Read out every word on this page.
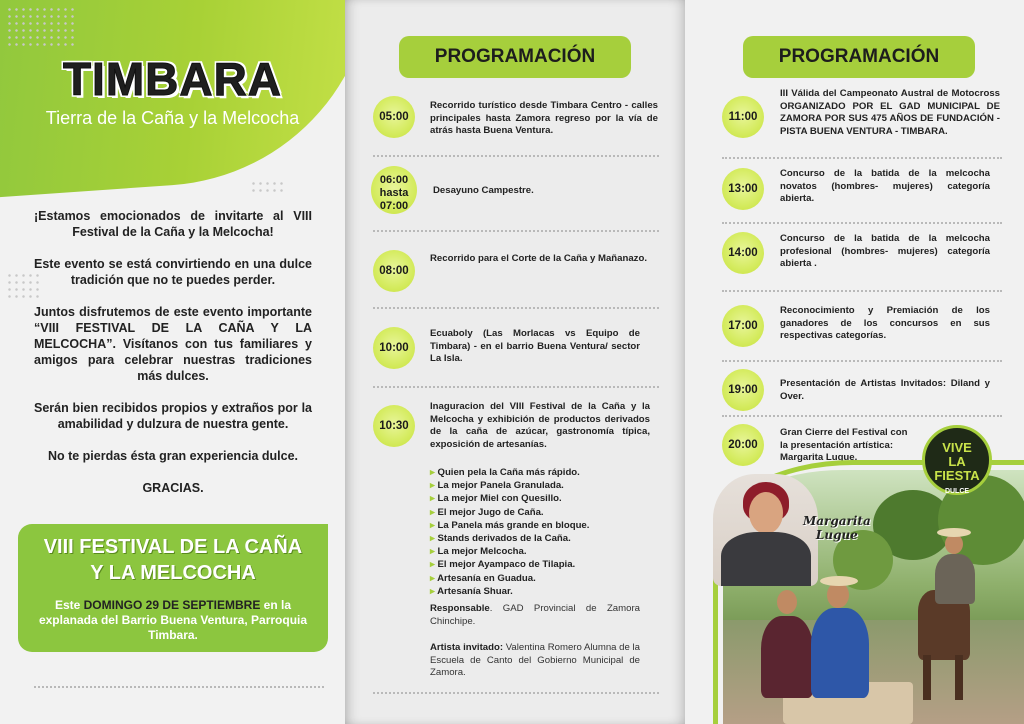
TIMBARA
Tierra de la Caña y la Melcocha

¡Estamos emocionados de invitarte al VIII Festival de la Caña y la Melcocha!

Este evento se está convirtiendo en una dulce tradición que no te puedes perder.

Juntos disfrutemos de este evento importante “VIII FESTIVAL DE LA CAÑA Y LA MELCOCHA”. Visítanos con tus familiares y amigos para celebrar nuestras tradiciones más dulces.

Serán bien recibidos propios y extraños por la amabilidad y dulzura de nuestra gente.

No te pierdas ésta gran experiencia dulce.

GRACIAS.

VIII FESTIVAL DE LA CAÑA
Y LA MELCOCHA
Este DOMINGO 29 DE SEPTIEMBRE en la explanada del Barrio Buena Ventura, Parroquia Timbara.
PROGRAMACIÓN
05:00
Recorrido turístico desde Timbara Centro - calles principales hasta Zamora regreso por la vía de atrás hasta Buena Ventura.
06:00
hasta
07:00
Desayuno Campestre.
08:00
Recorrido para el Corte de la Caña y Mañanazo.
10:00
Ecuaboly (Las Morlacas vs Equipo de Timbara) - en el barrio Buena Ventura/ sector La Isla.
10:30
Inaguracion del VIII Festival de la Caña y la Melcocha y exhibición de productos derivados de la caña de azúcar, gastronomía típica, exposición de artesanías.
▸ Quien pela la Caña más rápido.
▸ La mejor Panela Granulada.
▸ La mejor Miel con Quesillo.
▸ El mejor Jugo de Caña.
▸ La Panela más grande en bloque.
▸ Stands derivados de la Caña.
▸ La mejor Melcocha.
▸ El mejor Ayampaco de Tilapia.
▸ Artesanía en Guadua.
▸ Artesanía Shuar.
Responsable. GAD Provincial de Zamora Chinchipe.
Artista invitado: Valentina Romero Alumna de la Escuela de Canto del Gobierno Municipal de Zamora.
PROGRAMACIÓN
11:00
III Válida del Campeonato Austral de Motocross ORGANIZADO POR EL GAD MUNICIPAL DE ZAMORA POR SUS 475 AÑOS DE FUNDACIÓN - PISTA BUENA VENTURA - TIMBARA.
13:00
Concurso de la batida de la melcocha novatos (hombres- mujeres) categoría abierta.
14:00
Concurso de la batida de la melcocha profesional (hombres- mujeres) categoría abierta .
17:00
Reconocimiento y Premiación de los ganadores de los concursos en sus respectivas categorías.
19:00
Presentación de Artistas Invitados: Diland y Over.
20:00
Gran Cierre del Festival con la presentación artística: Margarita Lugue.
Margarita
Lugue
VIVE
LA FIESTA
DULCE
